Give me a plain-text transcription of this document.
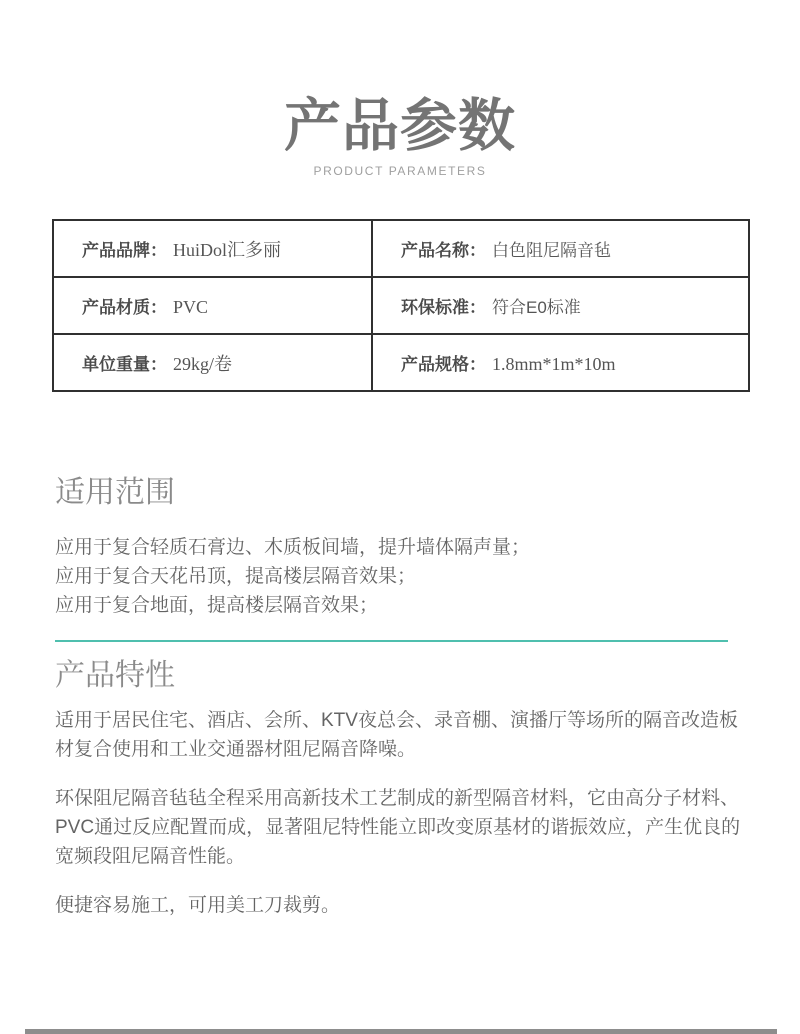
产品参数
PRODUCT PARAMETERS
产品品牌： HuiDol汇多丽	产品名称： 白色阻尼隔音毡
产品材质： PVC	环保标准： 符合E0标准
单位重量： 29kg/卷	产品规格： 1.8mm*1m*10m
适用范围
应用于复合轻质石膏边、木质板间墙，提升墙体隔声量；
应用于复合天花吊顶，提高楼层隔音效果；
应用于复合地面，提高楼层隔音效果；
产品特性

适用于居民住宅、酒店、会所、KTV夜总会、录音棚、演播厅等场所的隔音改造板材复合使用和工业交通器材阻尼隔音降噪。

环保阻尼隔音毡毡全程采用高新技术工艺制成的新型隔音材料，它由高分子材料、PVC通过反应配置而成，显著阻尼特性能立即改变原基材的谐振效应，产生优良的宽频段阻尼隔音性能。

便捷容易施工，可用美工刀裁剪。
